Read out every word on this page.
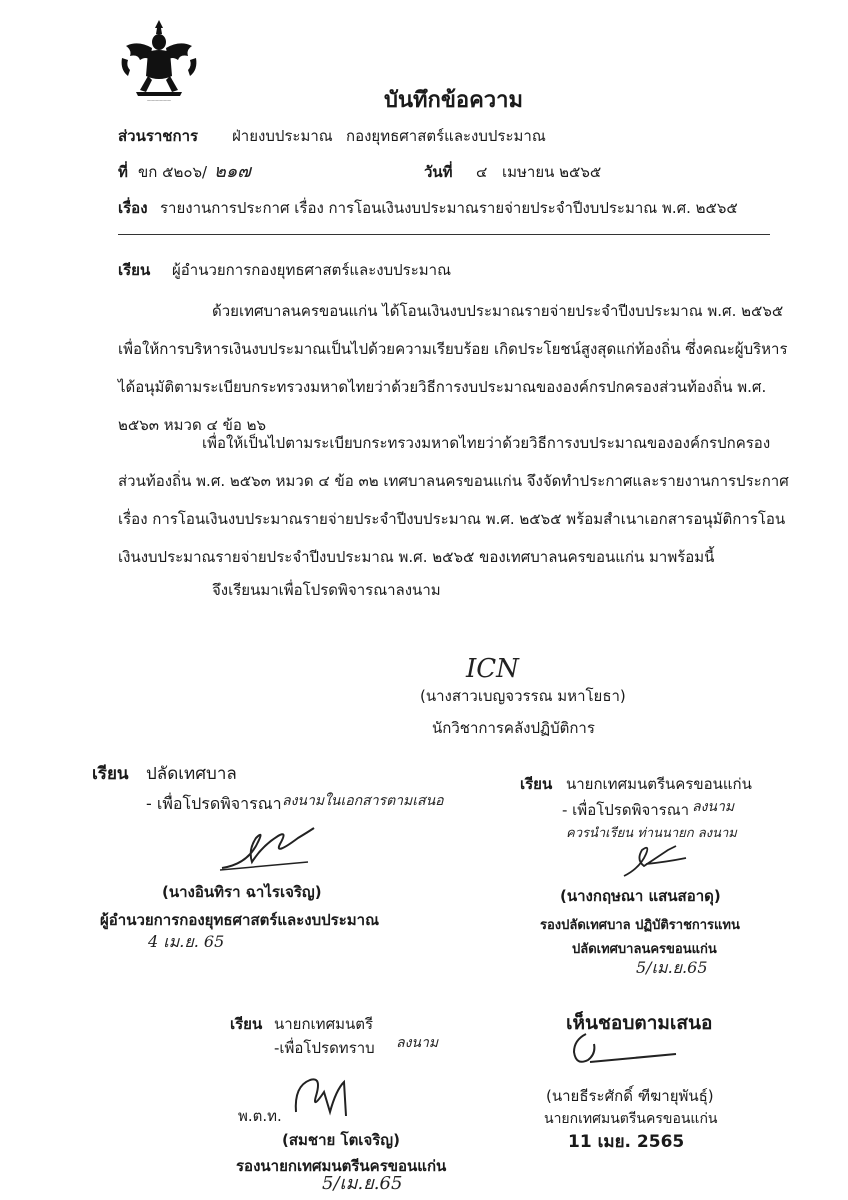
——————	บันทึกข้อความ
ส่วนราชการ ฝ่ายงบประมาณ กองยุทธศาสตร์และงบประมาณ
ที่ ขก ๕๒๐๖/ ๒๑๗	วันที่ ๔ เมษายน ๒๕๖๕
เรื่อง รายงานการประกาศ เรื่อง การโอนเงินงบประมาณรายจ่ายประจำปีงบประมาณ พ.ศ. ๒๕๖๕
เรียน ผู้อำนวยการกองยุทธศาสตร์และงบประมาณ
ด้วยเทศบาลนครขอนแก่น ได้โอนเงินงบประมาณรายจ่ายประจำปีงบประมาณ พ.ศ. ๒๕๖๕
เพื่อให้การบริหารเงินงบประมาณเป็นไปด้วยความเรียบร้อย เกิดประโยชน์สูงสุดแก่ท้องถิ่น ซึ่งคณะผู้บริหาร
ได้อนุมัติตามระเบียบกระทรวงมหาดไทยว่าด้วยวิธีการงบประมาณขององค์กรปกครองส่วนท้องถิ่น พ.ศ.
๒๕๖๓ หมวด ๔ ข้อ ๒๖
เพื่อให้เป็นไปตามระเบียบกระทรวงมหาดไทยว่าด้วยวิธีการงบประมาณขององค์กรปกครอง
ส่วนท้องถิ่น พ.ศ. ๒๕๖๓ หมวด ๔ ข้อ ๓๒ เทศบาลนครขอนแก่น จึงจัดทำประกาศและรายงานการประกาศ
เรื่อง การโอนเงินงบประมาณรายจ่ายประจำปีงบประมาณ พ.ศ. ๒๕๖๕ พร้อมสำเนาเอกสารอนุมัติการโอน
เงินงบประมาณรายจ่ายประจำปีงบประมาณ พ.ศ. ๒๕๖๕ ของเทศบาลนครขอนแก่น มาพร้อมนี้
จึงเรียนมาเพื่อโปรดพิจารณาลงนาม
ICN
(นางสาวเบญจวรรณ มหาโยธา)
นักวิชาการคลังปฏิบัติการ
เรียน ปลัดเทศบาล
- เพื่อโปรดพิจารณา ลงนามในเอกสารตามเสนอ
(นางอินทิรา ฉาไรเจริญ)
ผู้อำนวยการกองยุทธศาสตร์และงบประมาณ
4 เม.ย. 65
เรียน นายกเทศมนตรีนครขอนแก่น
- เพื่อโปรดพิจารณา ลงนาม
ควรนำเรียน ท่านนายก ลงนาม
(นางกฤษณา แสนสอาดุ)
รองปลัดเทศบาล ปฏิบัติราชการแทน
ปลัดเทศบาลนครขอนแก่น
5/เม.ย.65
เรียน นายกเทศมนตรี
-เพื่อโปรดทราบ ลงนาม
พ.ต.ท.
(สมชาย โตเจริญ)
รองนายกเทศมนตรีนครขอนแก่น
5/เม.ย.65
เห็นชอบตามเสนอ
(นายธีระศักดิ์ ฑีฆายุพันธุ์)
นายกเทศมนตรีนครขอนแก่น
11 เมย. 2565
